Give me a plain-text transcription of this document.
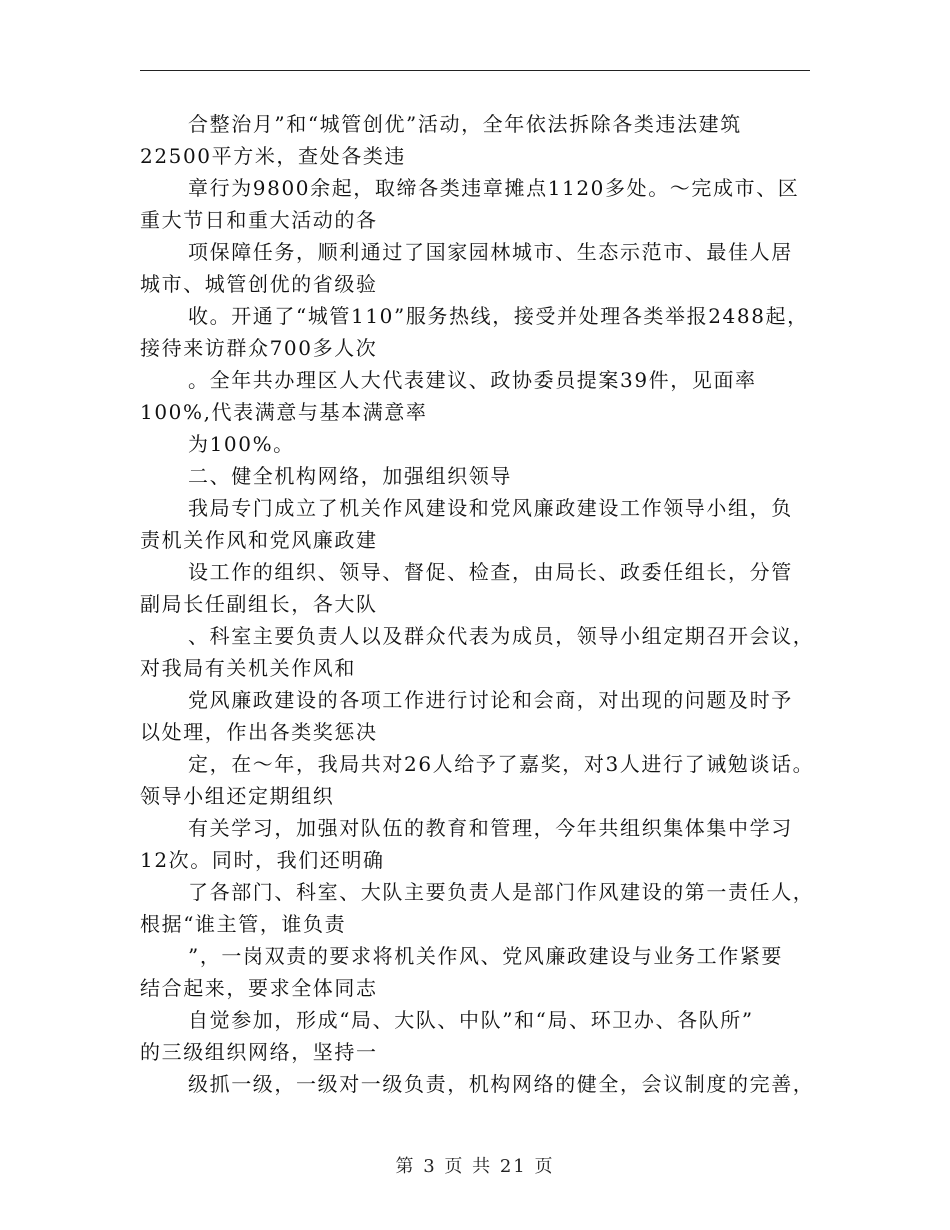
合整治月”和“城管创优”活动，全年依法拆除各类违法建筑
22500平方米，查处各类违
章行为9800余起，取缔各类违章摊点1120多处。～完成市、区
重大节日和重大活动的各
项保障任务，顺利通过了国家园林城市、生态示范市、最佳人居
城市、城管创优的省级验
收。开通了“城管110”服务热线，接受并处理各类举报2488起，
接待来访群众700多人次
。全年共办理区人大代表建议、政协委员提案39件，见面率
100%,代表满意与基本满意率
为100%。
二、健全机构网络，加强组织领导
我局专门成立了机关作风建设和党风廉政建设工作领导小组，负
责机关作风和党风廉政建
设工作的组织、领导、督促、检查，由局长、政委任组长，分管
副局长任副组长，各大队
、科室主要负责人以及群众代表为成员，领导小组定期召开会议，
对我局有关机关作风和
党风廉政建设的各项工作进行讨论和会商，对出现的问题及时予
以处理，作出各类奖惩决
定，在～年，我局共对26人给予了嘉奖，对3人进行了诫勉谈话。
领导小组还定期组织
有关学习，加强对队伍的教育和管理，今年共组织集体集中学习
12次。同时，我们还明确
了各部门、科室、大队主要负责人是部门作风建设的第一责任人，
根据“谁主管，谁负责
”，一岗双责的要求将机关作风、党风廉政建设与业务工作紧要
结合起来，要求全体同志
自觉参加，形成“局、大队、中队”和“局、环卫办、各队所”
的三级组织网络，坚持一
级抓一级，一级对一级负责，机构网络的健全，会议制度的完善，
第 3 页 共 21 页
